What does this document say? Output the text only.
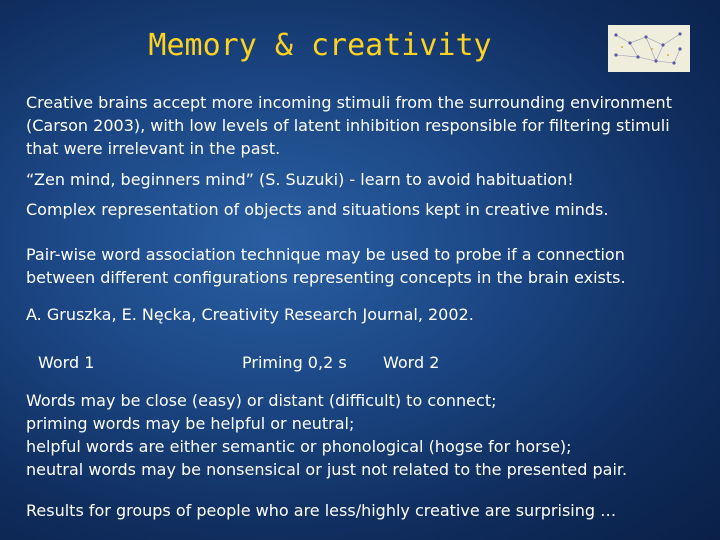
Memory & creativity
Creative brains accept more incoming stimuli from the surrounding environment
(Carson 2003), with low levels of latent inhibition responsible for filtering stimuli
that were irrelevant in the past.
“Zen mind, beginners mind” (S. Suzuki) - learn to avoid habituation!
Complex representation of objects and situations kept in creative minds.
Pair-wise word association technique may be used to probe if a connection
between different configurations representing concepts in the brain exists.
A. Gruszka, E. Nęcka, Creativity Research Journal, 2002.
Word 1	Priming 0,2 s Word 2
Words may be close (easy) or distant (difficult) to connect;
priming words may be helpful or neutral;
helpful words are either semantic or phonological (hogse for horse);
neutral words may be nonsensical or just not related to the presented pair.
Results for groups of people who are less/highly creative are surprising …
